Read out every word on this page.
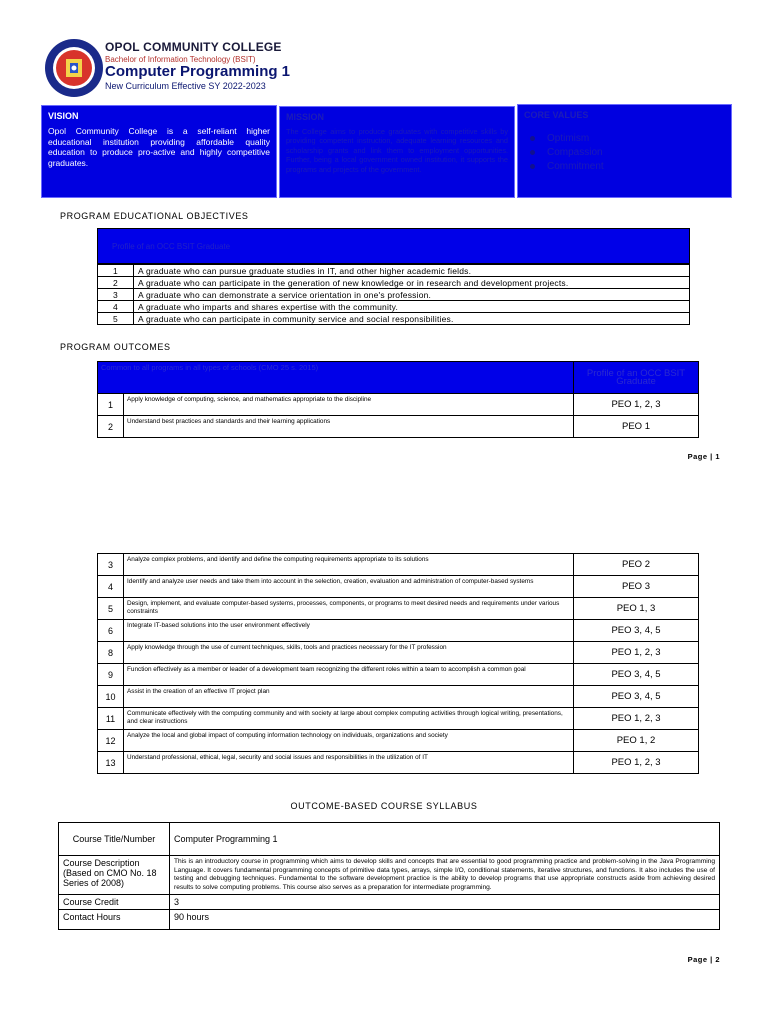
OPOL COMMUNITY COLLEGE
Bachelor of Information Technology (BSIT)
Computer Programming 1
New Curriculum Effective SY 2022-2023
VISION
Opol Community College is a self-reliant higher educational institution providing affordable quality education to produce pro-active and highly competitive graduates.
MISSION
The College aims to produce graduates with competitive skills by providing competent instruction, adequate learning resources and scholarship grants and link them to employment opportunities. Further, being a local government owned institution, it supports the programs and projects of the government.
CORE VALUES
Optimism
Compassion
Commitment
PROGRAM EDUCATIONAL OBJECTIVES
Profile of an OCC BSIT Graduate
1	A graduate who can pursue graduate studies in IT, and other higher academic fields.
2	A graduate who can participate in the generation of new knowledge or in research and development projects.
3	A graduate who can demonstrate a service orientation in one's profession.
4	A graduate who imparts and shares expertise with the community.
5	A graduate who can participate in community service and social responsibilities.
PROGRAM OUTCOMES
Common to all programs in all types of schools (CMO 25 s. 2015)		Profile of an OCC BSIT Graduate
1	Apply knowledge of computing, science, and mathematics appropriate to the discipline	PEO 1, 2, 3
2	Understand best practices and standards and their learning applications	PEO 1
Page | 1
3	Analyze complex problems, and identify and define the computing requirements appropriate to its solutions	PEO 2
4	Identify and analyze user needs and take them into account in the selection, creation, evaluation and administration of computer-based systems	PEO 3
5	Design, implement, and evaluate computer-based systems, processes, components, or programs to meet desired needs and requirements under various constraints	PEO 1, 3
6	Integrate IT-based solutions into the user environment effectively	PEO 3, 4, 5
8	Apply knowledge through the use of current techniques, skills, tools and practices necessary for the IT profession	PEO 1, 2, 3
9	Function effectively as a member or leader of a development team recognizing the different roles within a team to accomplish a common goal	PEO 3, 4, 5
10	Assist in the creation of an effective IT project plan	PEO 3, 4, 5
11	Communicate effectively with the computing community and with society at large about complex computing activities through logical writing, presentations, and clear instructions	PEO 1, 2, 3
12	Analyze the local and global impact of computing information technology on individuals, organizations and society	PEO 1, 2
13	Understand professional, ethical, legal, security and social issues and responsibilities in the utilization of IT	PEO 1, 2, 3
OUTCOME-BASED COURSE SYLLABUS
Course Title/Number	Computer Programming 1
Course Description (Based on CMO No. 18 Series of 2008)	This is an introductory course in programming which aims to develop skills and concepts that are essential to good programming practice and problem-solving in the Java Programming Language. It covers fundamental programming concepts of primitive data types, arrays, simple I/O, conditional statements, iterative structures, and functions. It also includes the use of testing and debugging techniques. Fundamental to the software development practice is the ability to develop programs that use appropriate constructs aside from achieving desired results to solve computing problems. This course also serves as a preparation for intermediate programming.
Course Credit	3
Contact Hours	90 hours
Page | 2
